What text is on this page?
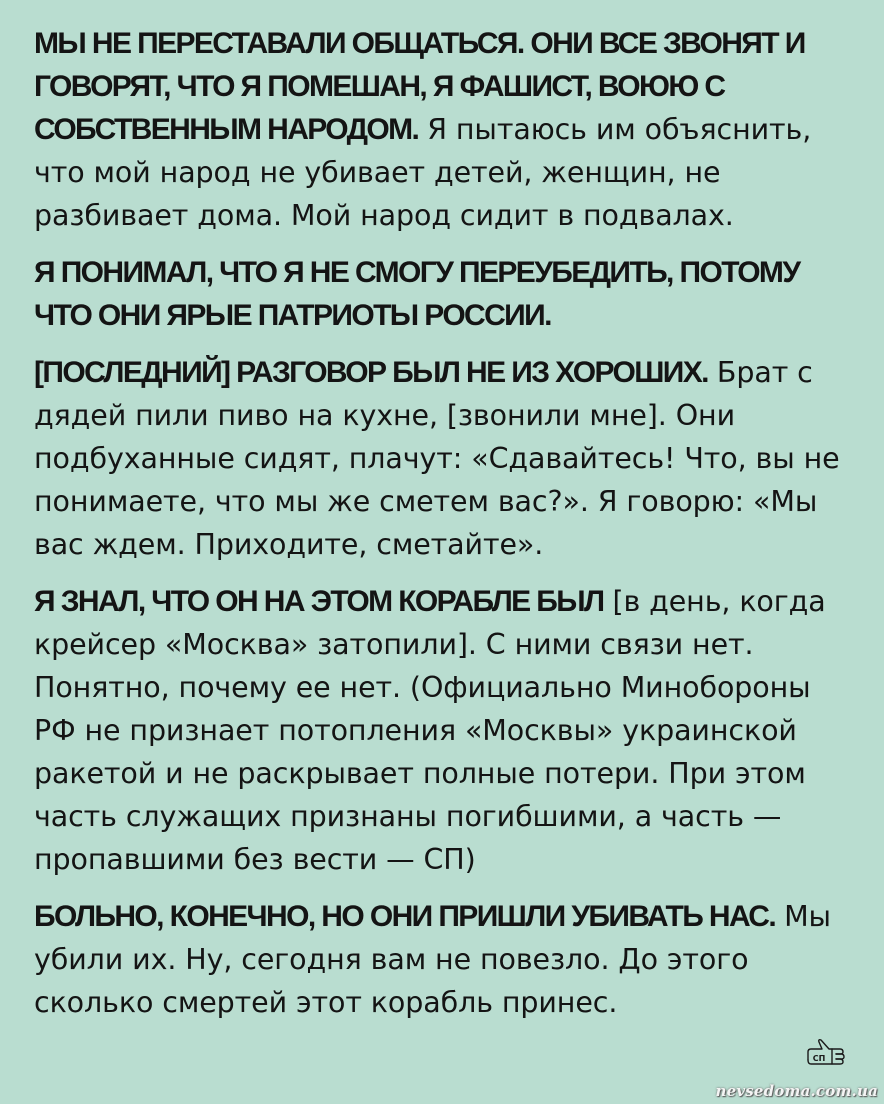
МЫ НЕ ПЕРЕСТАВАЛИ ОБЩАТЬСЯ. ОНИ ВСЕ ЗВОНЯТ И ГОВОРЯТ, ЧТО Я ПОМЕШАН, Я ФАШИСТ, ВОЮЮ С СОБСТВЕННЫМ НАРОДОМ. Я пытаюсь им объяснить, что мой народ не убивает детей, женщин, не разбивает дома. Мой народ сидит в подвалах.

Я ПОНИМАЛ, ЧТО Я НЕ СМОГУ ПЕРЕУБЕДИТЬ, ПОТОМУ ЧТО ОНИ ЯРЫЕ ПАТРИОТЫ РОССИИ.

[ПОСЛЕДНИЙ] РАЗГОВОР БЫЛ НЕ ИЗ ХОРОШИХ. Брат с дядей пили пиво на кухне, [звонили мне]. Они подбуханные сидят, плачут: «Сдавайтесь! Что, вы не понимаете, что мы же сметем вас?». Я говорю: «Мы вас ждем. Приходите, сметайте».

Я ЗНАЛ, ЧТО ОН НА ЭТОМ КОРАБЛЕ БЫЛ [в день, когда крейсер «Москва» затопили]. С ними связи нет. Понятно, почему ее нет. (Официально Минобороны РФ не признает потопления «Москвы» украинской ракетой и не раскрывает полные потери. При этом часть служащих признаны погибшими, а часть — пропавшими без вести — СП)

БОЛЬНО, КОНЕЧНО, НО ОНИ ПРИШЛИ УБИВАТЬ НАС. Мы убили их. Ну, сегодня вам не повезло. До этого сколько смертей этот корабль принес.

СП
nevsedoma.com.ua
